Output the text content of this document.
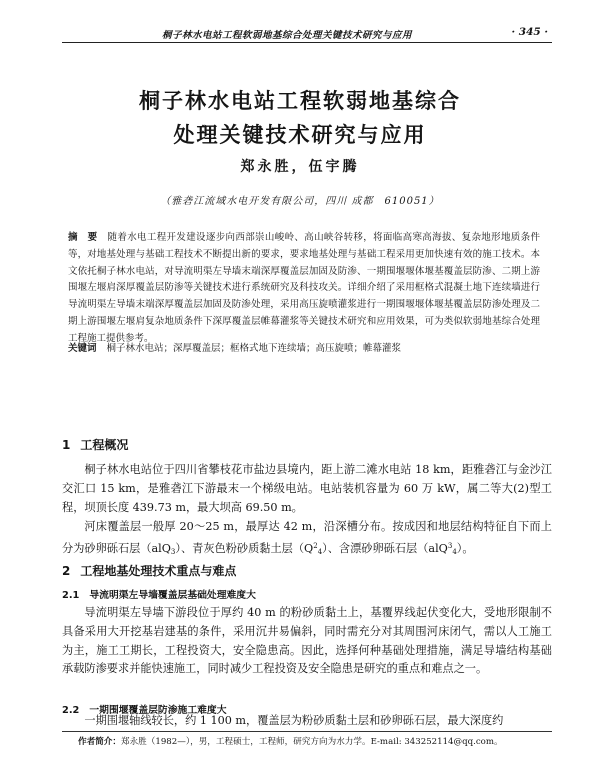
桐子林水电站工程软弱地基综合处理关键技术研究与应用	· 345 ·
桐子林水电站工程软弱地基综合
处理关键技术研究与应用
郑永胜，伍宇腾
（雅砻江流域水电开发有限公司，四川 成都　610051）
摘　要 随着水电工程开发建设逐步向西部崇山峻岭、高山峡谷转移，将面临高寒高海拔、复杂地形地质条件等，对地基处理与基础工程技术不断提出新的要求，要求地基处理与基础工程采用更加快速有效的施工技术。本文依托桐子林水电站，对导流明渠左导墙末端深厚覆盖层加固及防渗、一期围堰堰体堰基覆盖层防渗、二期上游围堰左堰肩深厚覆盖层防渗等关键技术进行系统研究及科技攻关。详细介绍了采用框格式混凝土地下连续墙进行导流明渠左导墙末端深厚覆盖层加固及防渗处理，采用高压旋喷灌浆进行一期围堰堰体堰基覆盖层防渗处理及二期上游围堰左堰肩复杂地质条件下深厚覆盖层帷幕灌浆等关键技术研究和应用效果，可为类似软弱地基综合处理工程施工提供参考。
关键词 桐子林水电站；深厚覆盖层；框格式地下连续墙；高压旋喷；帷幕灌浆
1 工程概况
桐子林水电站位于四川省攀枝花市盐边县境内，距上游二滩水电站 18 km，距雅砻江与金沙江交汇口 15 km，是雅砻江下游最末一个梯级电站。电站装机容量为 60 万 kW，属二等大(2)型工程，坝顶长度 439.73 m，最大坝高 69.50 m。
河床覆盖层一般厚 20～25 m，最厚达 42 m，沿深槽分布。按成因和地层结构特征自下而上分为砂卵砾石层（alQ$_3$）、青灰色粉砂质黏土层$(Q^2_4)$、含漂砂卵砾石层（alQ$^3_4$）。
2 工程地基处理技术重点与难点
2.1 导流明渠左导墙覆盖层基础处理难度大
导流明渠左导墙下游段位于厚约 40 m 的粉砂质黏土上，基覆界线起伏变化大，受地形限制不具备采用大开挖基岩建基的条件，采用沉井易偏斜，同时需充分对其周围河床闭气，需以人工施工为主，施工工期长，工程投资大，安全隐患高。因此，选择何种基础处理措施，满足导墙结构基础承载防渗要求并能快速施工，同时减少工程投资及安全隐患是研究的重点和难点之一。
2.2 一期围堰覆盖层防渗施工难度大
一期围堰轴线较长，约 1 100 m，覆盖层为粉砂质黏土层和砂卵砾石层，最大深度约
作者简介：郑永胜（1982—），男，工程硕士，工程师，研究方向为水力学。E-mail: 343252114@qq.com。
